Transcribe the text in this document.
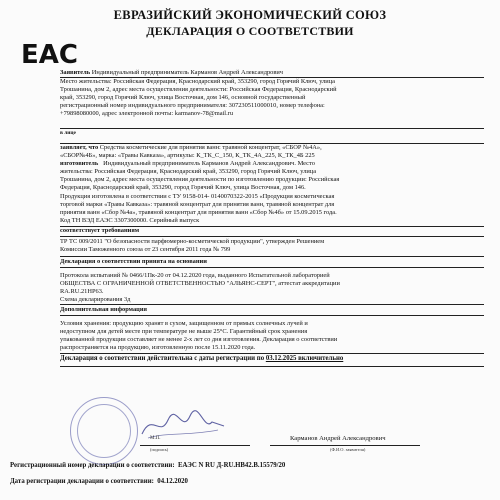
ЕВРАЗИЙСКИЙ ЭКОНОМИЧЕСКИЙ СОЮЗ
ДЕКЛАРАЦИЯ О СООТВЕТСТВИИ
EAC
Заявитель Индивидуальный предприниматель Карманов Андрей Александрович
Место жительства: Российская Федерация, Краснодарский край, 353290, город Горячий Ключ, улица
Трошанина, дом 2, адрес места осуществления деятельности: Российская Федерация, Краснодарский
край, 353290, город Горячий Ключ, улица Восточная, дом 146, основной государственный
регистрационный номер индивидуального предпринимателя: 307230511000010, номер телефона:
+79898080000, адрес электронной почты: karmanov-78@mail.ru
в лице
заявляет, что Средства косметические для принятия ванн: травяной концентрат, «СБОР №4А»,
«СБОР№4Б», марка: «Травы Кавказа», артикулы: К_ТК_С_150, К_ТК_4А_225, К_ТК_4Б 225
изготовитель Индивидуальный предприниматель Карманов Андрей Александрович. Место
жительства: Российская Федерация, Краснодарский край, 353290, город Горячий Ключ, улица
Трошанина, дом 2, адрес места осуществления деятельности по изготовлению продукции: Российская
Федерация, Краснодарский край, 353290, город Горячий Ключ, улица Восточная, дом 146.
Продукция изготовлена в соответствии с ТУ 9158-014- 0140070322-2015 «Продукция косметическая
торговой марки «Травы Кавказа»: травяной концентрат для принятия ванн, травяной концентрат для
принятия ванн «Сбор №4а», травяной концентрат для принятия ванн «Сбор №4б» от 15.09.2015 года.
Код ТН ВЭД ЕАЭС 3307300000. Серийный выпуск
соответствует требованиям
ТР ТС 009/2011 "О безопасности парфюмерно-косметической продукции", утвержден Решением
Комиссии Таможенного союза от 23 сентября 2011 года № 799
Декларация о соответствии принята на основании
Протокола испытаний № 0466/1Пк-20 от 04.12.2020 года, выданного Испытательной лабораторией
ОБЩЕСТВА С ОГРАНИЧЕННОЙ ОТВЕТСТВЕННОСТЬЮ "АЛЬЯНС-СЕРТ", аттестат аккредитации
RA.RU.21НР63.
Схема декларирования 3д
Дополнительная информация
Условия хранения: продукцию хранят в сухом, защищенном от прямых солнечных лучей и
недоступном для детей месте при температуре не выше 25°С. Гарантийный срок хранения
упакованной продукции составляет не менее 2-х лет со дня изготовления. Декларация о соответствии
распространяется на продукцию, изготовленную после 15.11.2020 года.
Декларация о соответствии действительна с даты регистрации по 03.12.2025 включительно
М.П.
(подпись)
Карманов Андрей Александрович
(Ф.И.О. заявителя)
Регистрационный номер декларации о соответствии: ЕАЭС N RU Д-RU.НВ42.В.15579/20
Дата регистрации декларации о соответствии: 04.12.2020
